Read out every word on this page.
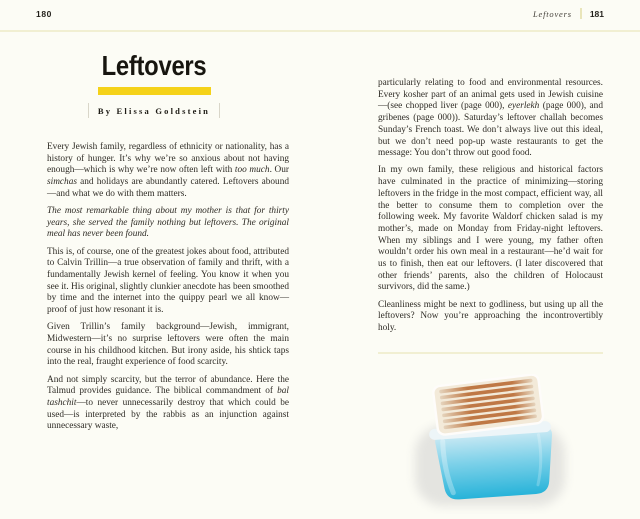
180	Leftovers 181
Leftovers
By Elissa Goldstein

Every Jewish family, regardless of ethnicity or nationality, has a history of hunger. It’s why we’re so anxious about not having enough—which is why we’re now often left with too much. Our simchas and holidays are abundantly catered. Leftovers abound—and what we do with them matters.

The most remarkable thing about my mother is that for thirty years, she served the family nothing but leftovers. The original meal has never been found.

This is, of course, one of the greatest jokes about food, attributed to Calvin Trillin—a true observation of family and thrift, with a fundamentally Jewish kernel of feeling. You know it when you see it. His original, slightly clunkier anecdote has been smoothed by time and the internet into the quippy pearl we all know—proof of just how resonant it is.

Given Trillin’s family background—Jewish, immigrant, Midwestern—it’s no surprise leftovers were often the main course in his childhood kitchen. But irony aside, his shtick taps into the real, fraught experience of food scarcity.

And not simply scarcity, but the terror of abundance. Here the Talmud provides guidance. The biblical commandment of bal tashchit—to never unnecessarily destroy that which could be used—is interpreted by the rabbis as an injunction against unnecessary waste,

particularly relating to food and environmental resources. Every kosher part of an animal gets used in Jewish cuisine—(see chopped liver (page 000), eyerlekh (page 000), and gribenes (page 000)). Saturday’s leftover challah becomes Sunday’s French toast. We don’t always live out this ideal, but we don’t need pop-up waste restaurants to get the message: You don’t throw out good food.

In my own family, these religious and historical factors have culminated in the practice of minimizing—storing leftovers in the fridge in the most compact, efficient way, all the better to consume them to completion over the following week. My favorite Waldorf chicken salad is my mother’s, made on Monday from Friday-night leftovers. When my siblings and I were young, my father often wouldn’t order his own meal in a restaurant—he’d wait for us to finish, then eat our leftovers. (I later discovered that other friends’ parents, also the children of Holocaust survivors, did the same.)

Cleanliness might be next to godliness, but using up all the leftovers? Now you’re approaching the incontrovertibly holy.
